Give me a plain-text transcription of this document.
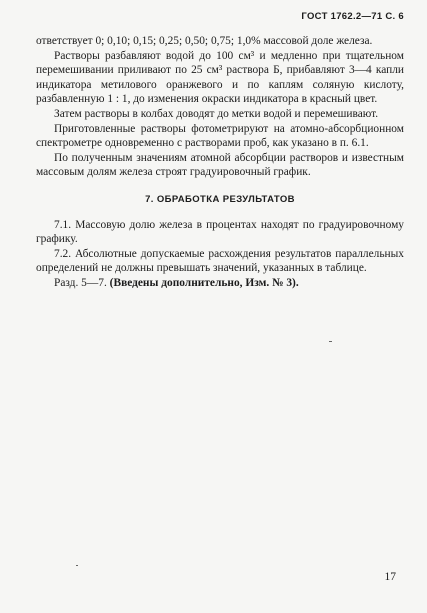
ГОСТ 1762.2—71 С. 6

ответствует 0; 0,10; 0,15; 0,25; 0,50; 0,75; 1,0% массовой доле железа.

Растворы разбавляют водой до 100 см³ и медленно при тщательном перемешивании приливают по 25 см³ раствора Б, прибавляют 3—4 капли индикатора метилового оранжевого и по каплям соляную кислоту, разбавленную 1 : 1, до изменения окраски индикатора в красный цвет.

Затем растворы в колбах доводят до метки водой и перемешивают.

Приготовленные растворы фотометрируют на атомно-абсорбционном спектрометре одновременно с растворами проб, как указано в п. 6.1.

По полученным значениям атомной абсорбции растворов и известным массовым долям железа строят градуировочный график.

7. ОБРАБОТКА РЕЗУЛЬТАТОВ

7.1. Массовую долю железа в процентах находят по градуировочному графику.

7.2. Абсолютные допускаемые расхождения результатов параллельных определений не должны превышать значений, указанных в таблице.

Разд. 5—7. (Введены дополнительно, Изм. № 3).

17
